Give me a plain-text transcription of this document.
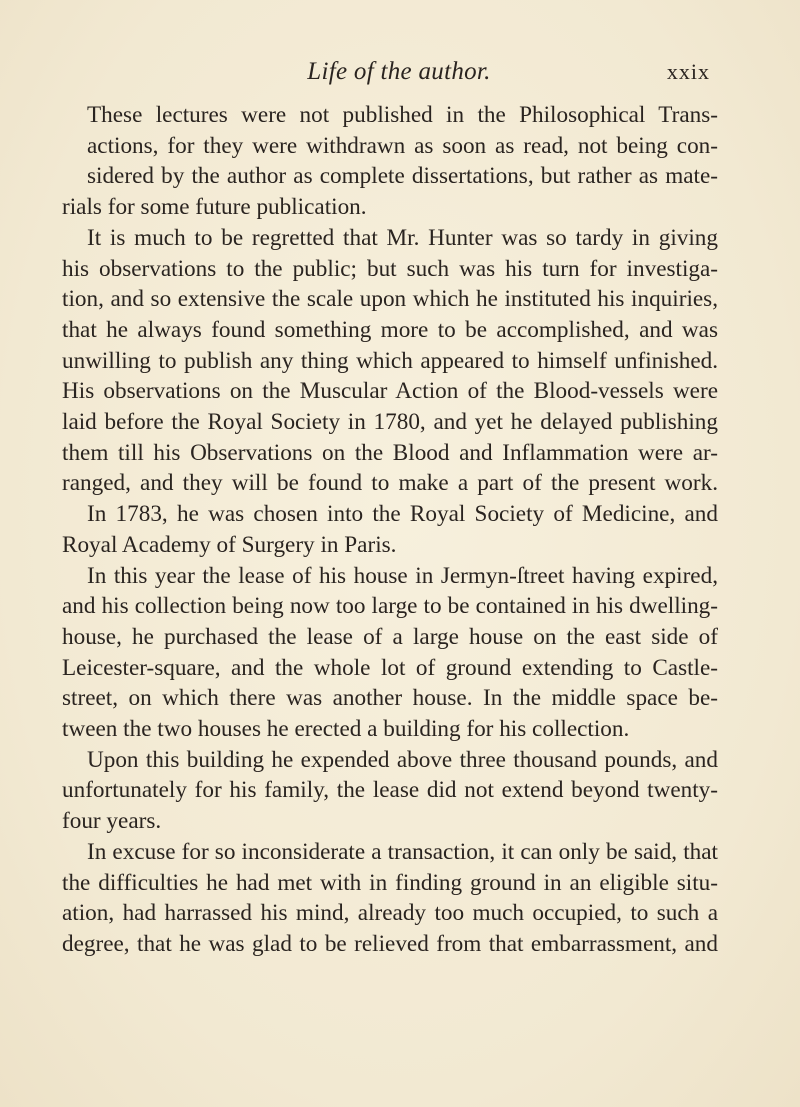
Life of the author.	xxix
These lectures were not published in the Philosophical Trans-
actions, for they were withdrawn as soon as read, not being con-
sidered by the author as complete dissertations, but rather as mate-
rials for some future publication.
It is much to be regretted that Mr. Hunter was so tardy in giving
his observations to the public; but such was his turn for investiga-
tion, and so extensive the scale upon which he instituted his inquiries,
that he always found something more to be accomplished, and was
unwilling to publish any thing which appeared to himself unfinished.
His observations on the Muscular Action of the Blood-vessels were
laid before the Royal Society in 1780, and yet he delayed publishing
them till his Observations on the Blood and Inflammation were ar-
ranged, and they will be found to make a part of the present work.
In 1783, he was chosen into the Royal Society of Medicine, and
Royal Academy of Surgery in Paris.
In this year the lease of his house in Jermyn-ſtreet having expired,
and his collection being now too large to be contained in his dwelling-
house, he purchased the lease of a large house on the east side of
Leicester-square, and the whole lot of ground extending to Castle-
street, on which there was another house. In the middle space be-
tween the two houses he erected a building for his collection.
Upon this building he expended above three thousand pounds, and
unfortunately for his family, the lease did not extend beyond twenty-
four years.
In excuse for so inconsiderate a transaction, it can only be said, that
the difficulties he had met with in finding ground in an eligible situ-
ation, had harrassed his mind, already too much occupied, to such a
degree, that he was glad to be relieved from that embarrassment, and
